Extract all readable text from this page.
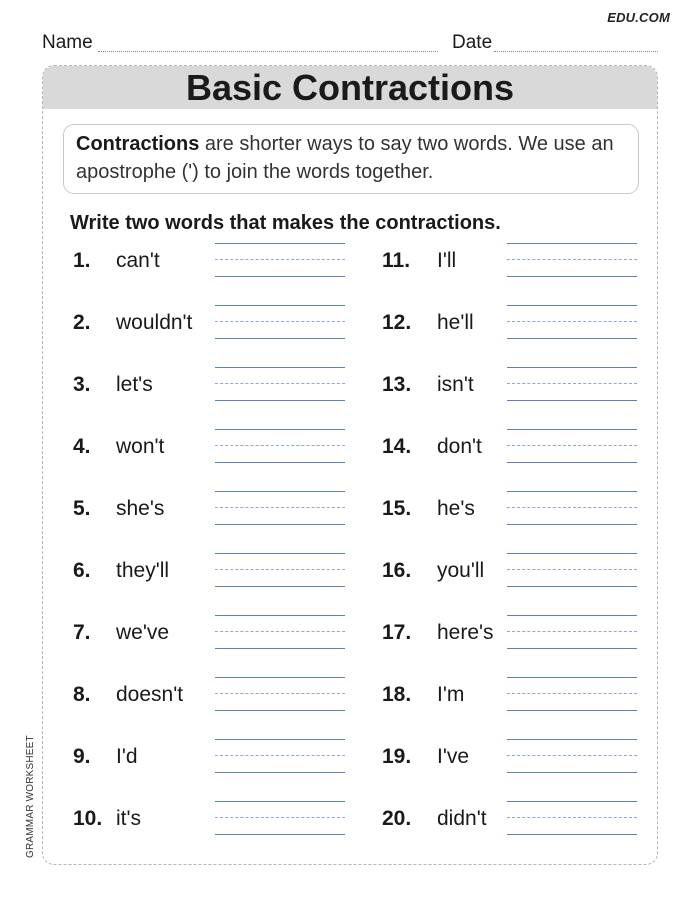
EDU.COM
Name	Date
GRAMMAR WORKSHEET
Basic Contractions
Contractions are shorter ways to say two words. We use an apostrophe (') to join the words together.
Write two words that makes the contractions.
1. can't
2. wouldn't
3. let's
4. won't
5. she's
6. they'll
7. we've
8. doesn't
9. I'd
10. it's
11. I'll
12. he'll
13. isn't
14. don't
15. he's
16. you'll
17. here's
18. I'm
19. I've
20. didn't
